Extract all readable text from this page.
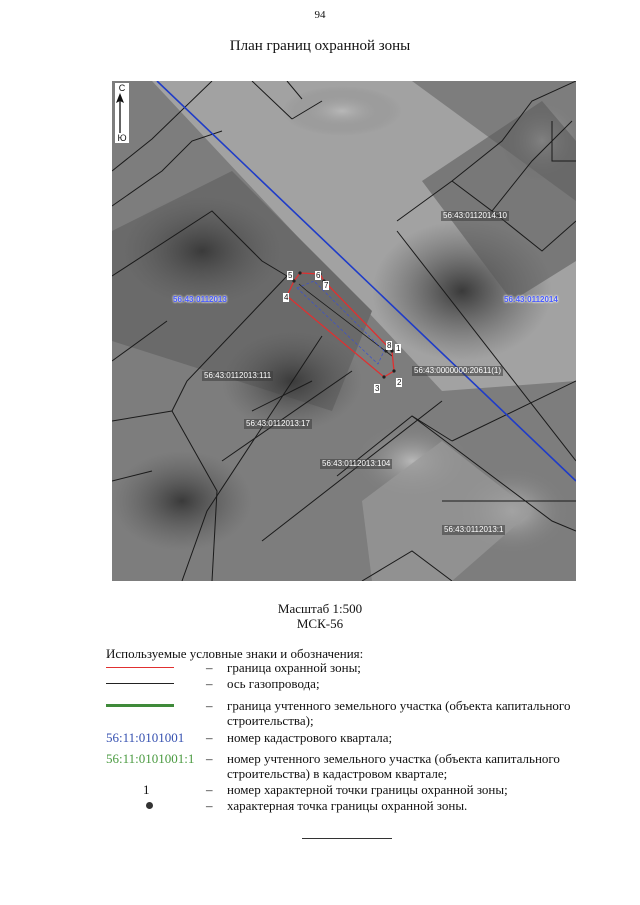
94
План границ охранной зоны
С
Ю
56:43:0112013	56:43:0112014
56:43:0112014:10
56:43:0000000:20611(1)
56:43:0112013:111
56:43:0112013:17
56:43:0112013:104
56:43:0112013:1
1
2
3
4
5	6
7
8
Масштаб 1:500
МСК-56
Используемые условные знаки и обозначения:
– граница охранной зоны;
– ось газопровода;
– граница учтенного земельного участка (объекта капитального строительства);
56:11:0101001	– номер кадастрового квартала;
56:11:0101001:1 – номер учтенного земельного участка (объекта капитального строительства) в кадастровом квартале;
1	– номер характерной точки границы охранной зоны;
– характерная точка границы охранной зоны.
